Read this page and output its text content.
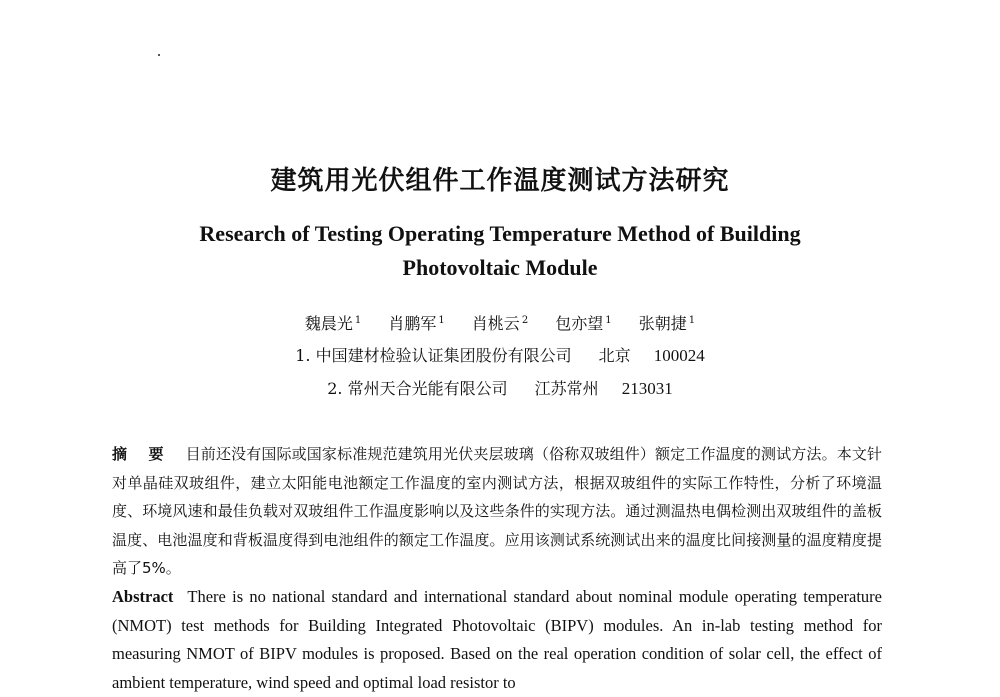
建筑用光伏组件工作温度测试方法研究
Research of Testing Operating Temperature Method of Building
Photovoltaic Module
魏晨光 $^1$ 肖鹏军 $^1$ 肖桃云 $^2$ 包亦望 $^1$ 张朝捷 $^1$
1. 中国建材检验认证集团股份有限公司 北京 100024
2. 常州天合光能有限公司 江苏常州 213031
摘 要 目前还没有国际或国家标准规范建筑用光伏夹层玻璃（俗称双玻组件）额定工作温度的测试方法。本文针对单晶硅双玻组件，建立太阳能电池额定工作温度的室内测试方法，根据双玻组件的实际工作特性，分析了环境温度、环境风速和最佳负载对双玻组件工作温度影响以及这些条件的实现方法。通过测温热电偶检测出双玻组件的盖板温度、电池温度和背板温度得到电池组件的额定工作温度。应用该测试系统测试出来的温度比间接测量的温度精度提高了5%。
Abstract There is no national standard and international standard about nominal module operating temperature (NMOT) test methods for Building Integrated Photovoltaic (BIPV) modules. An in-lab testing method for measuring NMOT of BIPV modules is proposed. Based on the real operation condition of solar cell, the effect of ambient temperature, wind speed and optimal load resistor to
